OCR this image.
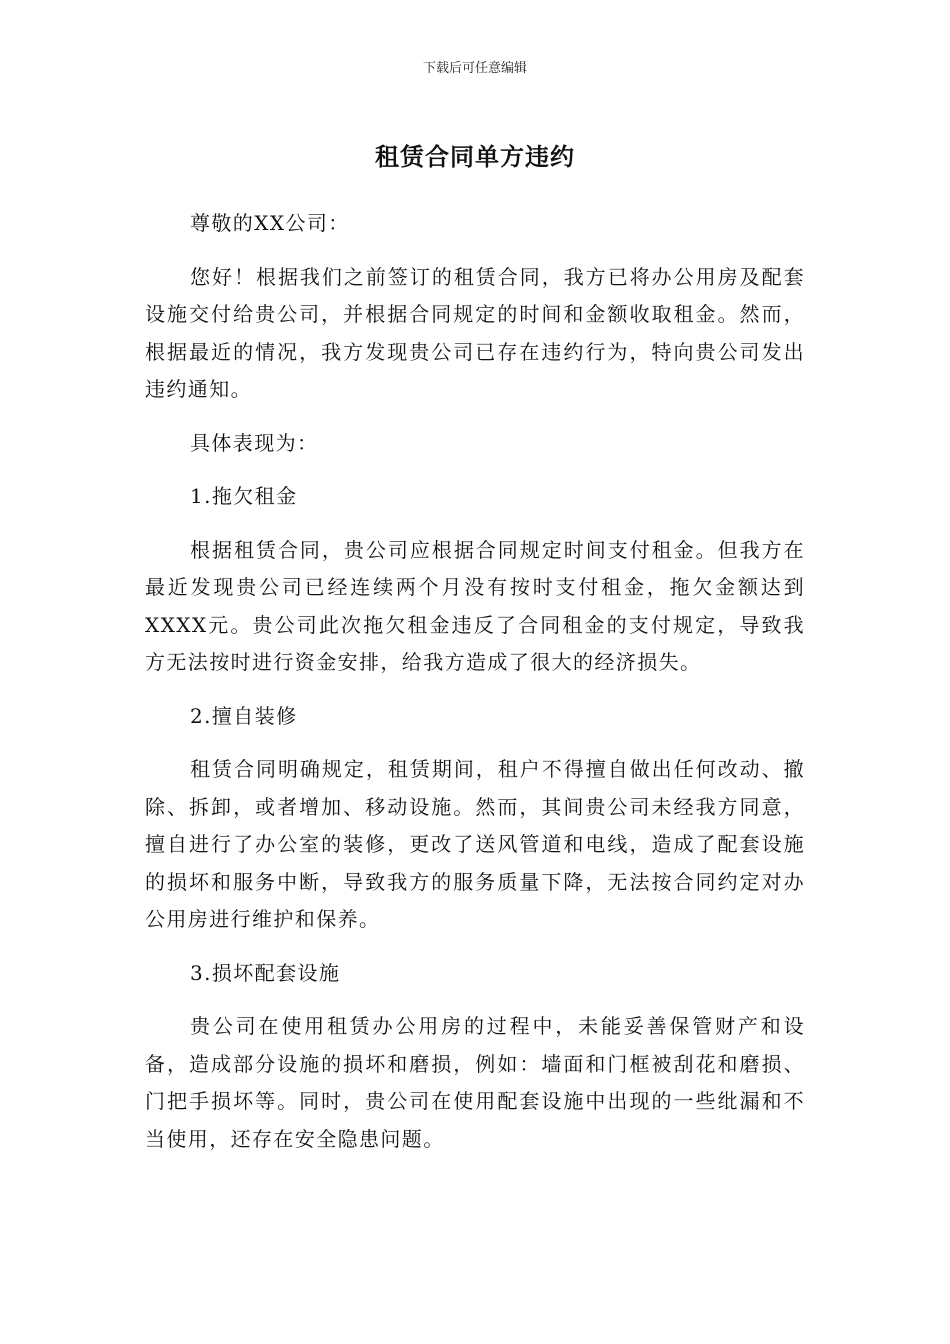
下载后可任意编辑
租赁合同单方违约

尊敬的XX公司：

您好！根据我们之前签订的租赁合同，我方已将办公用房及配套设施交付给贵公司，并根据合同规定的时间和金额收取租金。然而，根据最近的情况，我方发现贵公司已存在违约行为，特向贵公司发出违约通知。

具体表现为：

1.拖欠租金

根据租赁合同，贵公司应根据合同规定时间支付租金。但我方在最近发现贵公司已经连续两个月没有按时支付租金，拖欠金额达到XXXX元。贵公司此次拖欠租金违反了合同租金的支付规定，导致我方无法按时进行资金安排，给我方造成了很大的经济损失。

2.擅自装修

租赁合同明确规定，租赁期间，租户不得擅自做出任何改动、撤除、拆卸，或者增加、移动设施。然而，其间贵公司未经我方同意，擅自进行了办公室的装修，更改了送风管道和电线，造成了配套设施的损坏和服务中断，导致我方的服务质量下降，无法按合同约定对办公用房进行维护和保养。

3.损坏配套设施

贵公司在使用租赁办公用房的过程中，未能妥善保管财产和设备，造成部分设施的损坏和磨损，例如：墙面和门框被刮花和磨损、门把手损坏等。同时，贵公司在使用配套设施中出现的一些纰漏和不当使用，还存在安全隐患问题。
